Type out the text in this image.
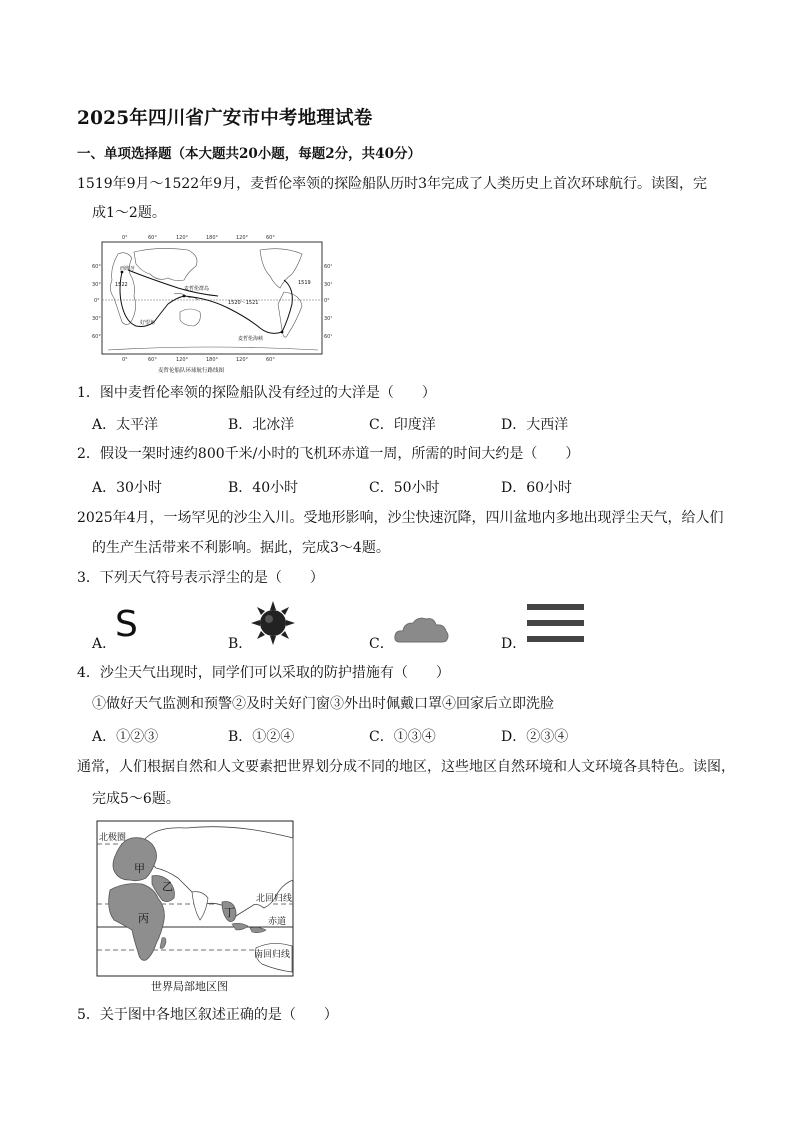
2025年四川省广安市中考地理试卷
一、单项选择题（本大题共20小题，每题2分，共40分）
1519年9月～1522年9月，麦哲伦率领的探险船队历时3年完成了人类历史上首次环球航行。读图，完
成1～2题。
0°	60°	120°	180°	120°	60°
0°	60°	120°	180°	120°	60°
60°
30°
0°
30°
60°
60°
30°
0°
30°
60°
西班牙
1522	1519
麦哲伦群岛
1520～1521
好望角
麦哲伦海峡
麦哲伦船队环球航行路线图
1．图中麦哲伦率领的探险船队没有经过的大洋是（　　）
A．太平洋	B．北冰洋	C．印度洋	D．大西洋
2．假设一架时速约800千米/小时的飞机环赤道一周，所需的时间大约是（　　）
A．30小时	B．40小时	C．50小时	D．60小时
2025年4月，一场罕见的沙尘入川。受地形影响，沙尘快速沉降，四川盆地内多地出现浮尘天气，给人们
的生产生活带来不利影响。据此，完成3～4题。
3．下列天气符号表示浮尘的是（　　）
A．
S	B．	C．	D．
4．沙尘天气出现时，同学们可以采取的防护措施有（　　）
①做好天气监测和预警②及时关好门窗③外出时佩戴口罩④回家后立即洗脸
A．①②③	B．①②④	C．①③④	D．②③④
通常，人们根据自然和人文要素把世界划分成不同的地区，这些地区自然环境和人文环境各具特色。读图，
完成5～6题。
北极圈
北回归线
赤道
南回归线
甲
乙
丙	丁
世界局部地区图
5．关于图中各地区叙述正确的是（　　）
